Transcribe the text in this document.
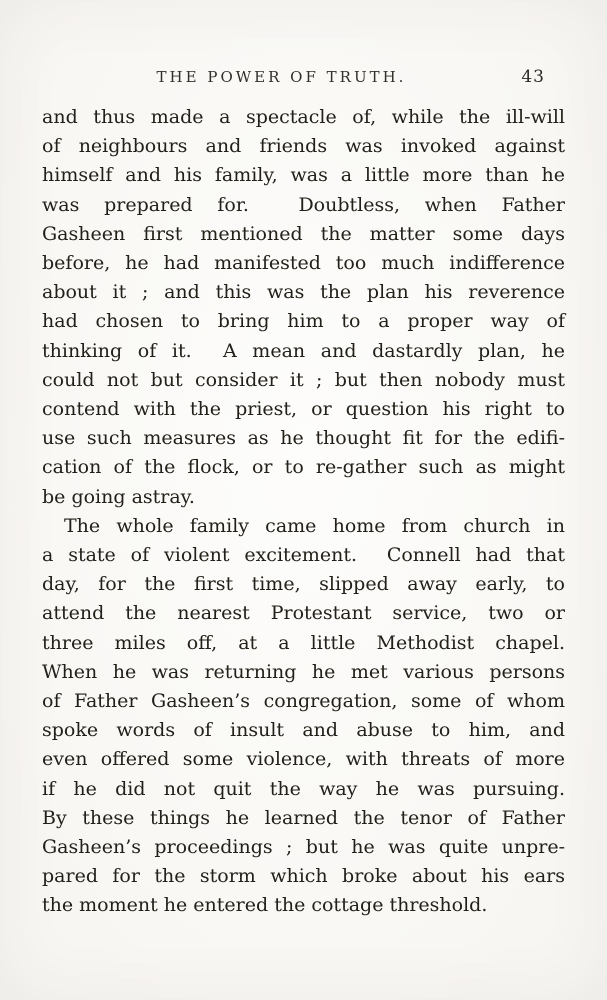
THE POWER OF TRUTH.	43
and thus made a spectacle of, while the ill-will
of neighbours and friends was invoked against
himself and his family, was a little more than he
was prepared for.  Doubtless, when Father
Gasheen first mentioned the matter some days
before, he had manifested too much indifference
about it ; and this was the plan his reverence
had chosen to bring him to a proper way of
thinking of it.  A mean and dastardly plan, he
could not but consider it ; but then nobody must
contend with the priest, or question his right to
use such measures as he thought fit for the edifi-
cation of the flock, or to re-gather such as might
be going astray.
The whole family came home from church in
a state of violent excitement.  Connell had that
day, for the first time, slipped away early, to
attend the nearest Protestant service, two or
three miles off, at a little Methodist chapel.
When he was returning he met various persons
of Father Gasheen’s congregation, some of whom
spoke words of insult and abuse to him, and
even offered some violence, with threats of more
if he did not quit the way he was pursuing.
By these things he learned the tenor of Father
Gasheen’s proceedings ; but he was quite unpre-
pared for the storm which broke about his ears
the moment he entered the cottage threshold.
